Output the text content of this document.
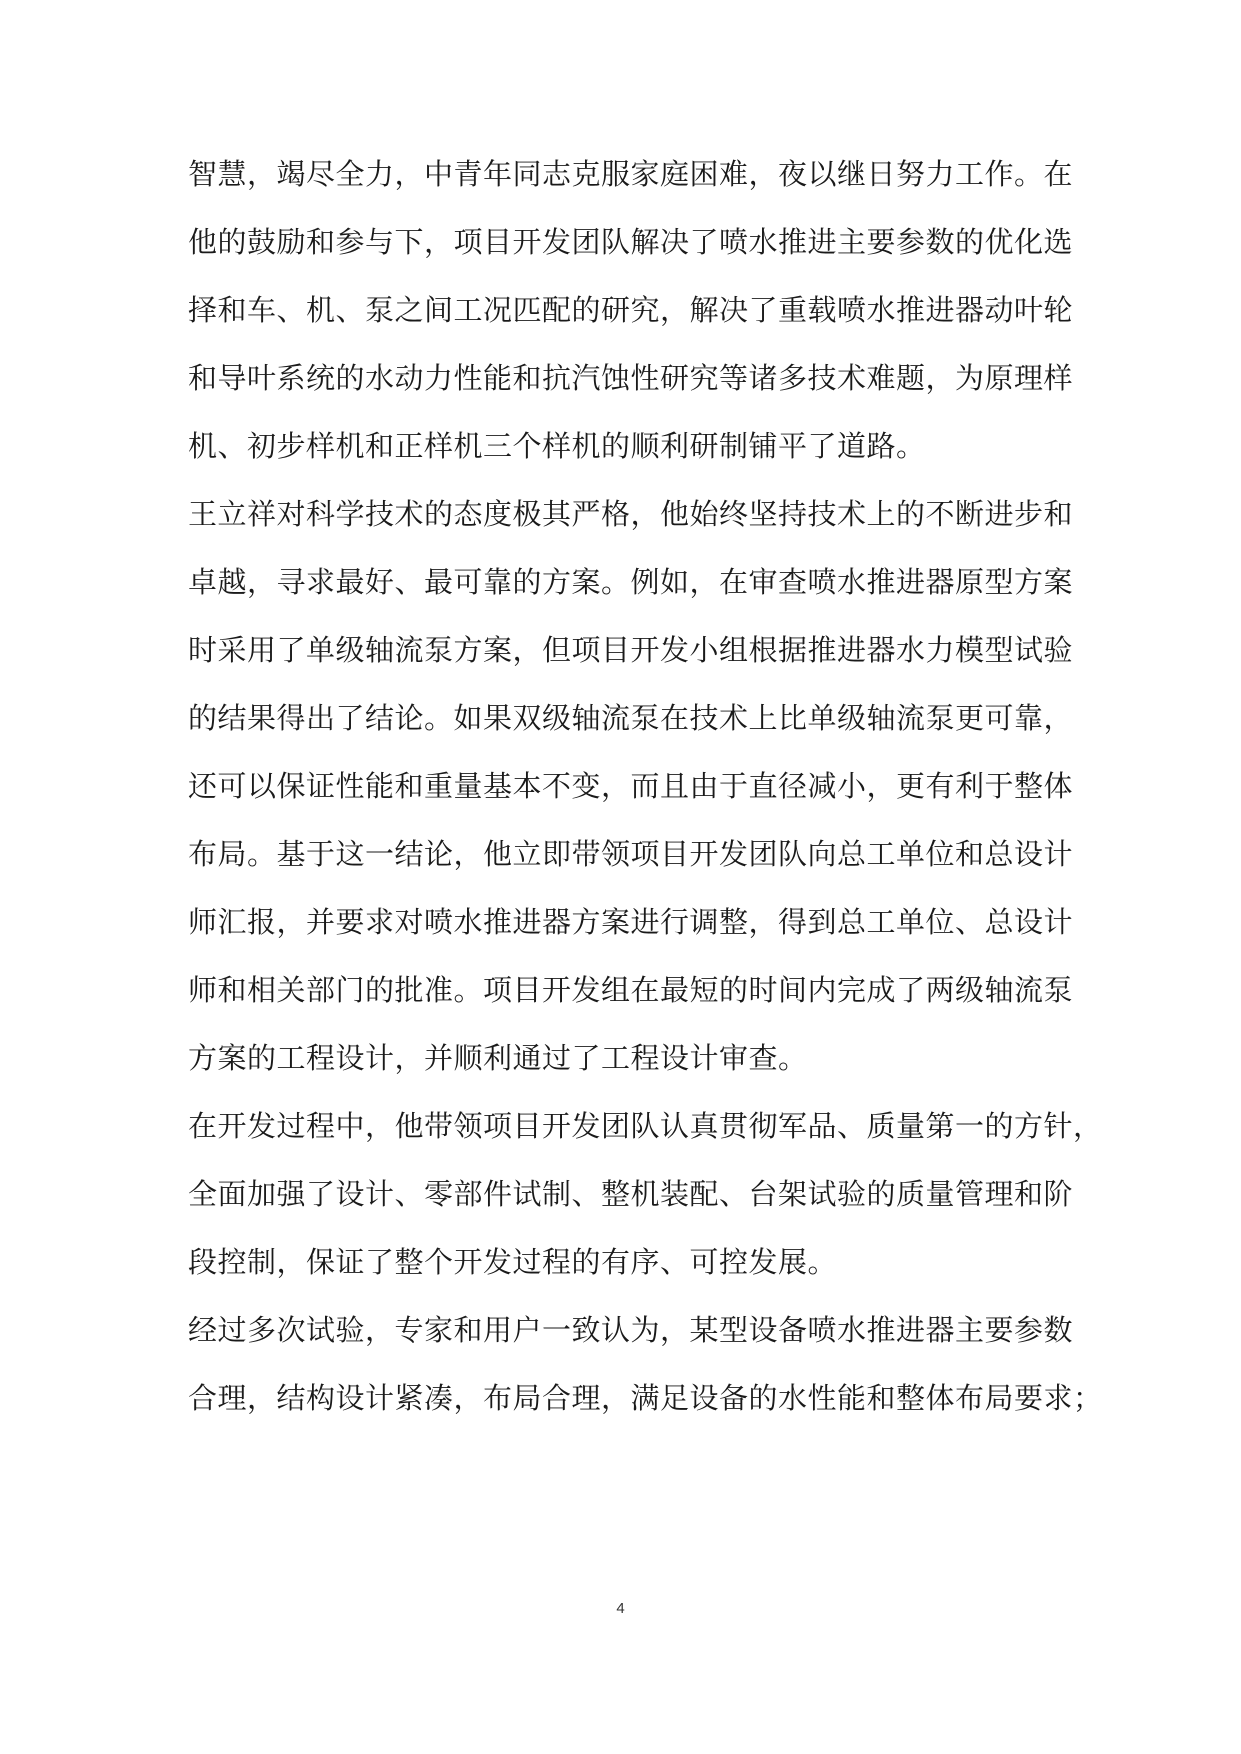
智慧，竭尽全力，中青年同志克服家庭困难，夜以继日努力工作。在
他的鼓励和参与下，项目开发团队解决了喷水推进主要参数的优化选
择和车、机、泵之间工况匹配的研究，解决了重载喷水推进器动叶轮
和导叶系统的水动力性能和抗汽蚀性研究等诸多技术难题，为原理样
机、初步样机和正样机三个样机的顺利研制铺平了道路。
王立祥对科学技术的态度极其严格，他始终坚持技术上的不断进步和
卓越，寻求最好、最可靠的方案。例如，在审查喷水推进器原型方案
时采用了单级轴流泵方案，但项目开发小组根据推进器水力模型试验
的结果得出了结论。如果双级轴流泵在技术上比单级轴流泵更可靠，
还可以保证性能和重量基本不变，而且由于直径减小，更有利于整体
布局。基于这一结论，他立即带领项目开发团队向总工单位和总设计
师汇报，并要求对喷水推进器方案进行调整，得到总工单位、总设计
师和相关部门的批准。项目开发组在最短的时间内完成了两级轴流泵
方案的工程设计，并顺利通过了工程设计审查。
在开发过程中，他带领项目开发团队认真贯彻军品、质量第一的方针，
全面加强了设计、零部件试制、整机装配、台架试验的质量管理和阶
段控制，保证了整个开发过程的有序、可控发展。
经过多次试验，专家和用户一致认为，某型设备喷水推进器主要参数
合理，结构设计紧凑，布局合理，满足设备的水性能和整体布局要求；
4
